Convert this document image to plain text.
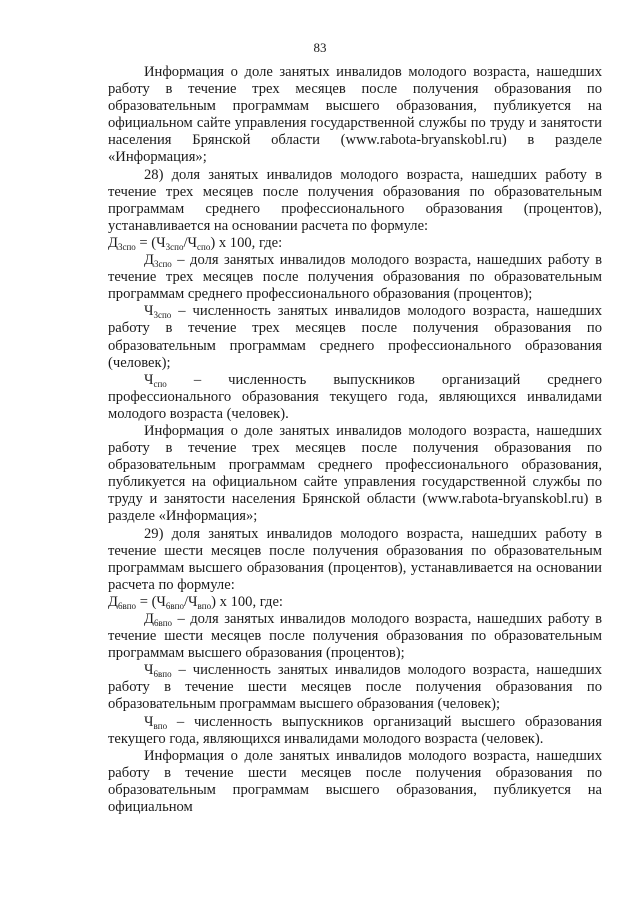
83

Информация о доле занятых инвалидов молодого возраста, нашедших работу в течение трех месяцев после получения образования по образовательным программам высшего образования, публикуется на официальном сайте управления государственной службы по труду и занятости населения Брянской области (www.rabota-bryanskobl.ru) в разделе «Информация»;

28) доля занятых инвалидов молодого возраста, нашедших работу в течение трех месяцев после получения образования по образовательным программам среднего профессионального образования (процентов), устанавливается на основании расчета по формуле:

$Д_{3спо} = (Ч_{3спо}/Ч_{спо})$ х 100, где:

$Д_{3спо}$ – доля занятых инвалидов молодого возраста, нашедших работу в течение трех месяцев после получения образования по образовательным программам среднего профессионального образования (процентов);

$Ч_{3спо}$ – численность занятых инвалидов молодого возраста, нашедших работу в течение трех месяцев после получения образования по образовательным программам среднего профессионального образования (человек);

$Ч_{спо}$ – численность выпускников организаций среднего профессионального образования текущего года, являющихся инвалидами молодого возраста (человек).

Информация о доле занятых инвалидов молодого возраста, нашедших работу в течение трех месяцев после получения образования по образовательным программам среднего профессионального образования, публикуется на официальном сайте управления государственной службы по труду и занятости населения Брянской области (www.rabota-bryanskobl.ru) в разделе «Информация»;

29) доля занятых инвалидов молодого возраста, нашедших работу в течение шести месяцев после получения образования по образовательным программам высшего образования (процентов), устанавливается на основании расчета по формуле:

$Д_{6впо} = (Ч_{6впо}/Ч_{впо})$ х 100, где:

$Д_{6впо}$ – доля занятых инвалидов молодого возраста, нашедших работу в течение шести месяцев после получения образования по образовательным программам высшего образования (процентов);

$Ч_{6впо}$ – численность занятых инвалидов молодого возраста, нашедших работу в течение шести месяцев после получения образования по образовательным программам высшего образования (человек);

$Ч_{впо}$ – численность выпускников организаций высшего образования текущего года, являющихся инвалидами молодого возраста (человек).

Информация о доле занятых инвалидов молодого возраста, нашедших работу в течение шести месяцев после получения образования по образовательным программам высшего образования, публикуется на официальном
